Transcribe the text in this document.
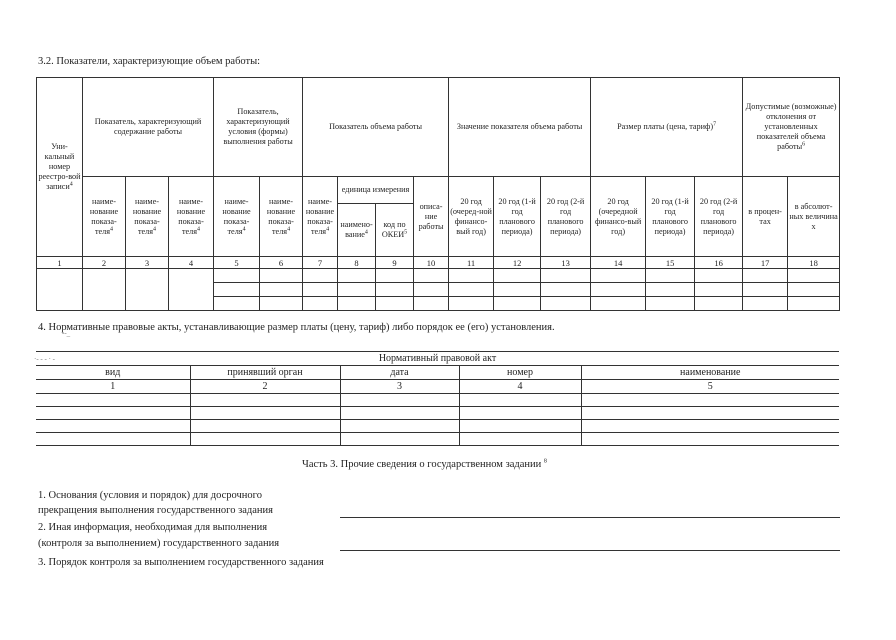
3.2. Показатели, характеризующие объем работы:
Уни-кальный номер реестро-вой записи$^4$	Показатель, характеризующий содержание работы			Показатель, характеризующий условия (формы) выполнения работы		Показатель объема работы				Значение показателя объема работы			Размер платы (цена, тариф)$^7$			Допустимые (возможные) отклонения от установленных показателей объема работы$^6$
	наиме-нование показа-теля$^4$	наиме-нование показа-теля$^4$	наиме-нование показа-теля$^4$	наиме-нование показа-теля$^4$	наиме-нование показа-теля$^4$	наиме-нование показа-теля$^4$	единица измерения		описа-ние работы	20 год (очеред-ной финансо-вый год)	20 год (1-й год планового периода)	20 год (2-й год планового периода)	20 год (очередной финансо-вый год)	20 год (1-й год планового периода)	20 год (2-й год планового периода)	в процен-тах	в абсолют-ных величина х
							наимено-вание$^4$	код по ОКЕИ$^5$
1	2	3	4	5	6	7	8	9	10	11	12	13	14	15	16	17	18

4. Нормативные правовые акты, устанавливающие размер платы (цену, тариф) либо порядок ее (его) установления.
˜˜–
·- - - · -	Нормативный правовой акт				
вид	принявший орган	дата	номер	наименование
1	2	3	4	5

Часть 3. Прочие сведения о государственном задании $^8$
1. Основания (условия и порядок) для досрочного
прекращения выполнения государственного задания
2. Иная информация, необходимая для выполнения
(контроля за выполнением) государственного задания
3. Порядок контроля за выполнением государственного задания
